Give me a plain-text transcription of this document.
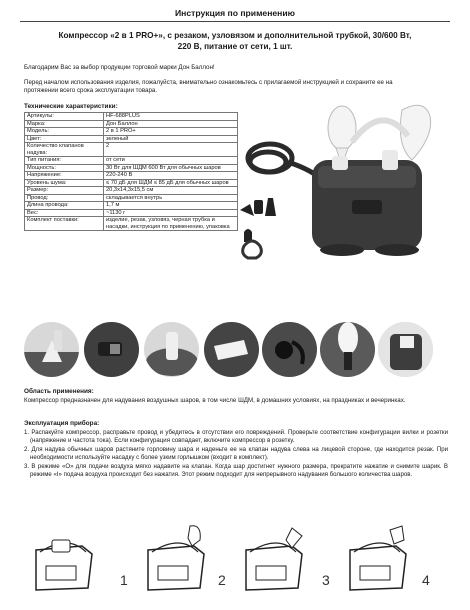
Инструкция по применению
Компрессор «2 в 1 PRO+», с резаком, узловязом и дополнительной трубкой, 30/600 Вт,
220 В, питание от сети, 1 шт.
Благодарим Вас за выбор продукции торговой марки Дон Баллон!
Перед началом использования изделия, пожалуйста, внимательно ознакомьтесь с прилагаемой инструкцией и сохраните ее на протяжении всего срока эксплуатации товара.
Технические характеристики:
Артикулы:	HF-688PLUS
Марка:	Дон Баллон
Модель:	2 в 1 PRO+
Цвет:	зеленый
Количество клапанов надува:	2
Тип питания:	от сети
Мощность:	30 Вт для ШДМ 600 Вт для обычных шаров
Напряжение:	220-240 В
Уровень шума:	≤ 70 дБ для ШДМ ≤ 85 дБ для обычных шаров
Размер:	20,3х14,3х15,5 см
Провод:	складывается внутрь
Длина провода:	1,7 м
Вес:	~1130 г
Комплект поставки:	изделие, резак, узловяз, черная трубка и насадки, инструкция по применению, упаковка
Область применения:
Компрессор предназначен для надувания воздушных шаров, в том числе ШДМ, в домашних условиях, на праздниках и вечеринках.
Эксплуатация прибора:
1. Распакуйте компрессор, расправьте провод и убедитесь в отсутствии его повреждений. Проверьте соответствие конфигурации вилки и розетки (напряжение и частота тока). Если конфигурация совпадает, включите компрессор в розетку.
2. Для надува обычных шаров растяните горловину шара и наденьте ее на клапан надува слева на лицевой стороне, где находится резак. При необходимости используйте насадку с более узким горлышком (входит в комплект).
3. В режиме «O» для подачи воздуха мягко надавите на клапан. Когда шар достигнет нужного размера, прекратите нажатие и снимите шарик. В режиме «I» подача воздуха происходит без нажатия. Этот режим подходит для непрерывного надувания большого количества шаров.
1	2	3	4
